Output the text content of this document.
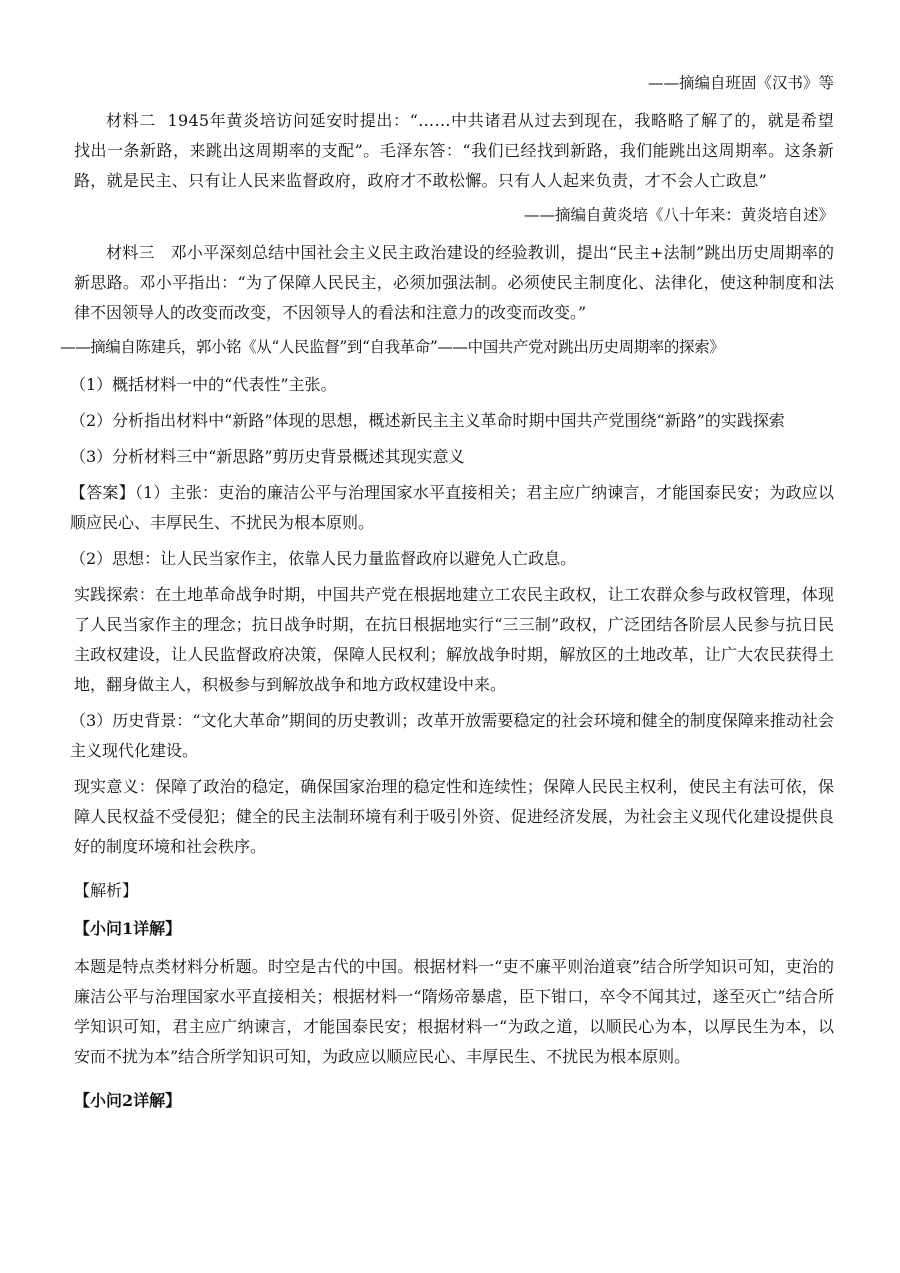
——摘编自班固《汉书》等

材料二 1945年黄炎培访问延安时提出：“……中共诸君从过去到现在，我略略了解了的，就是希望找出一条新路，来跳出这周期率的支配”。毛泽东答：“我们已经找到新路，我们能跳出这周期率。这条新路，就是民主、只有让人民来监督政府，政府才不敢松懈。只有人人起来负责，才不会人亡政息”

——摘编自黄炎培《八十年来：黄炎培自述》

材料三 邓小平深刻总结中国社会主义民主政治建设的经验教训，提出“民主+法制”跳出历史周期率的新思路。邓小平指出：“为了保障人民民主，必须加强法制。必须使民主制度化、法律化，使这种制度和法律不因领导人的改变而改变，不因领导人的看法和注意力的改变而改变。”

——摘编自陈建兵，郭小铭《从“人民监督”到“自我革命”——中国共产党对跳出历史周期率的探索》

（1）概括材料一中的“代表性”主张。

（2）分析指出材料中“新路”体现的思想，概述新民主主义革命时期中国共产党围绕“新路”的实践探索

（3）分析材料三中“新思路”剪历史背景概述其现实意义

【答案】（1）主张：吏治的廉洁公平与治理国家水平直接相关；君主应广纳谏言，才能国泰民安；为政应以顺应民心、丰厚民生、不扰民为根本原则。

（2）思想：让人民当家作主，依靠人民力量监督政府以避免人亡政息。

实践探索：在土地革命战争时期，中国共产党在根据地建立工农民主政权，让工农群众参与政权管理，体现了人民当家作主的理念；抗日战争时期，在抗日根据地实行“三三制”政权，广泛团结各阶层人民参与抗日民主政权建设，让人民监督政府决策，保障人民权利；解放战争时期，解放区的土地改革，让广大农民获得土地，翻身做主人，积极参与到解放战争和地方政权建设中来。

（3）历史背景：“文化大革命”期间的历史教训；改革开放需要稳定的社会环境和健全的制度保障来推动社会主义现代化建设。

现实意义：保障了政治的稳定，确保国家治理的稳定性和连续性；保障人民民主权利，使民主有法可依，保障人民权益不受侵犯；健全的民主法制环境有利于吸引外资、促进经济发展，为社会主义现代化建设提供良好的制度环境和社会秩序。

【解析】

【小问1详解】

本题是特点类材料分析题。时空是古代的中国。根据材料一“吏不廉平则治道衰”结合所学知识可知，吏治的廉洁公平与治理国家水平直接相关；根据材料一“隋炀帝暴虐，臣下钳口，卒令不闻其过，遂至灭亡”结合所学知识可知，君主应广纳谏言，才能国泰民安；根据材料一“为政之道，以顺民心为本，以厚民生为本，以安而不扰为本”结合所学知识可知，为政应以顺应民心、丰厚民生、不扰民为根本原则。

【小问2详解】
